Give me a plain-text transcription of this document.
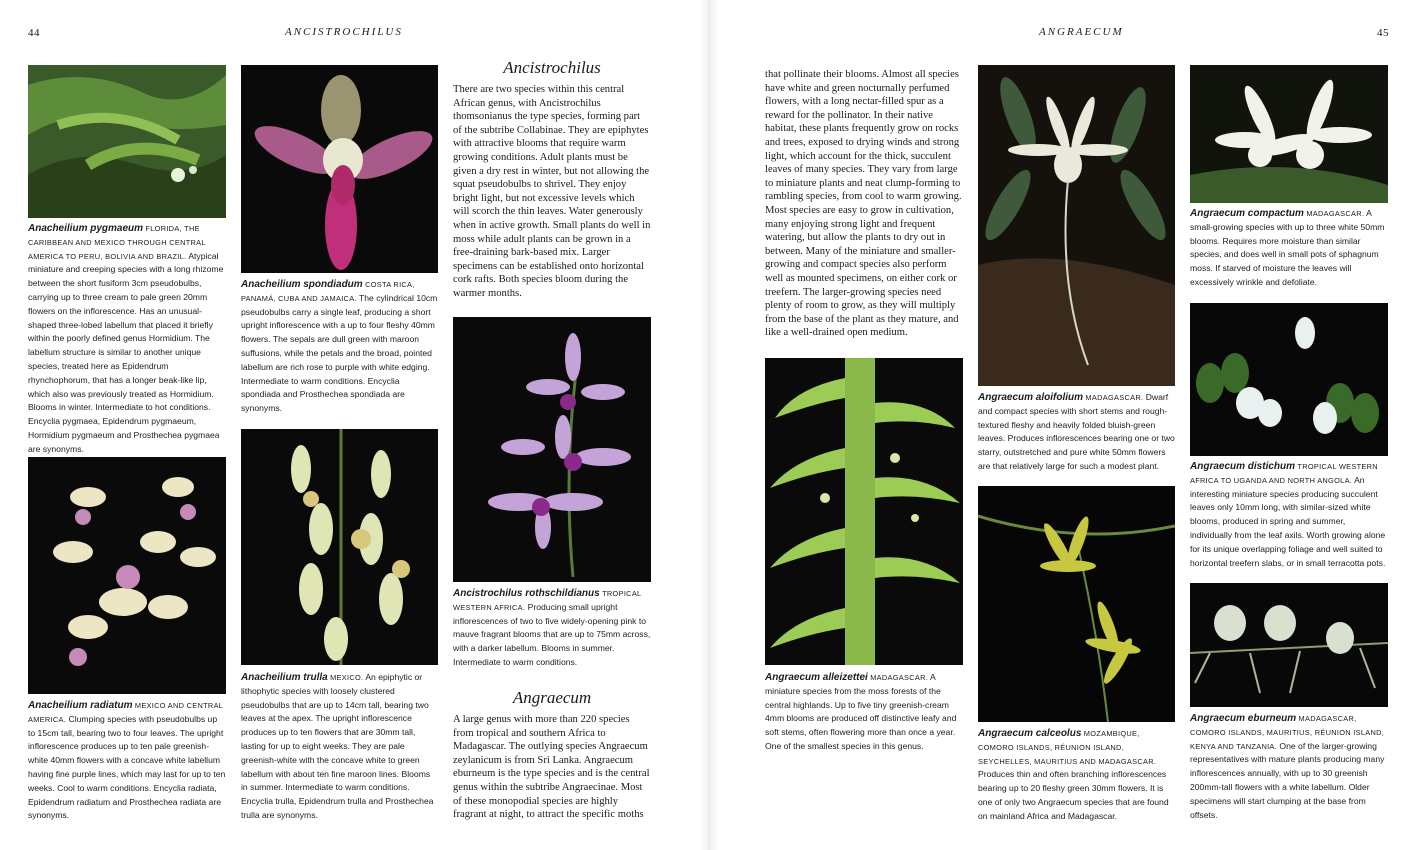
44	ANCISTROCHILUS	ANGRAECUM	45
Anacheilium pygmaeum FLORIDA, THE CARIBBEAN AND MEXICO THROUGH CENTRAL AMERICA TO PERU, BOLIVIA AND BRAZIL. Atypical miniature and creeping species with a long rhizome between the short fusiform 3cm pseudobulbs, carrying up to three cream to pale green 20mm flowers on the inflorescence. Has an unusual-shaped three-lobed labellum that placed it briefly within the poorly defined genus Hormidium. The labellum structure is similar to another unique species, treated here as Epidendrum rhynchophorum, that has a longer beak-like lip, which also was previously treated as Hormidium. Blooms in winter. Intermediate to hot conditions. Encyclia pygmaea, Epidendrum pygmaeum, Hormidium pygmaeum and Prosthechea pygmaea are synonyms.
Anacheilium spondiadum COSTA RICA, PANAMÁ, CUBA AND JAMAICA. The cylindrical 10cm pseudobulbs carry a single leaf, producing a short upright inflorescence with a up to four fleshy 40mm flowers. The sepals are dull green with maroon suffusions, while the petals and the broad, pointed labellum are rich rose to purple with white edging. Intermediate to warm conditions. Encyclia spondiada and Prosthechea spondiada are synonyms.
Anacheilium radiatum MEXICO AND CENTRAL AMERICA. Clumping species with pseudobulbs up to 15cm tall, bearing two to four leaves. The upright inflorescence produces up to ten pale greenish-white 40mm flowers with a concave white labellum having fine purple lines, which may last for up to ten weeks. Cool to warm conditions. Encyclia radiata, Epidendrum radiatum and Prosthechea radiata are synonyms.
Anacheilium trulla MEXICO. An epiphytic or lithophytic species with loosely clustered pseudobulbs that are up to 14cm tall, bearing two leaves at the apex. The upright inflorescence produces up to ten flowers that are 30mm tall, lasting for up to eight weeks. They are pale greenish-white with the concave white to green labellum with about ten fine maroon lines. Blooms in summer. Intermediate to warm conditions. Encyclia trulla, Epidendrum trulla and Prosthechea trulla are synonyms.
Ancistrochilus
There are two species within this central African genus, with Ancistrochilus thomsonianus the type species, forming part of the subtribe Collabinae. They are epiphytes with attractive blooms that require warm growing conditions. Adult plants must be given a dry rest in winter, but not allowing the squat pseudobulbs to shrivel. They enjoy bright light, but not excessive levels which will scorch the thin leaves. Water generously when in active growth. Small plants do well in moss while adult plants can be grown in a free-draining bark-based mix. Larger specimens can be established onto horizontal cork rafts. Both species bloom during the warmer months.
Ancistrochilus rothschildianus TROPICAL WESTERN AFRICA. Producing small upright inflorescences of two to five widely-opening pink to mauve fragrant blooms that are up to 75mm across, with a darker labellum. Blooms in summer. Intermediate to warm conditions.
Angraecum
A large genus with more than 220 species from tropical and southern Africa to Madagascar. The outlying species Angraecum zeylanicum is from Sri Lanka. Angraecum eburneum is the type species and is the central genus within the subtribe Angraecinae. Most of these monopodial species are highly fragrant at night, to attract the specific moths
that pollinate their blooms. Almost all species have white and green nocturnally perfumed flowers, with a long nectar-filled spur as a reward for the pollinator. In their native habitat, these plants frequently grow on rocks and trees, exposed to drying winds and strong light, which account for the thick, succulent leaves of many species. They vary from large to miniature plants and neat clump-forming to rambling species, from cool to warm growing. Most species are easy to grow in cultivation, many enjoying strong light and frequent watering, but allow the plants to dry out in between. Many of the miniature and smaller-growing and compact species also perform well as mounted specimens, on either cork or treefern. The larger-growing species need plenty of room to grow, as they will multiply from the base of the plant as they mature, and like a well-drained open medium.
Angraecum alleizettei MADAGASCAR. A miniature species from the moss forests of the central highlands. Up to five tiny greenish-cream 4mm blooms are produced off distinctive leafy and soft stems, often flowering more than once a year. One of the smallest species in this genus.
Angraecum aloifolium MADAGASCAR. Dwarf and compact species with short stems and rough-textured fleshy and heavily folded bluish-green leaves. Produces inflorescences bearing one or two starry, outstretched and pure white 50mm flowers are that relatively large for such a modest plant.
Angraecum calceolus MOZAMBIQUE, COMORO ISLANDS, RÉUNION ISLAND, SEYCHELLES, MAURITIUS AND MADAGASCAR. Produces thin and often branching inflorescences bearing up to 20 fleshy green 30mm flowers. It is one of only two Angraecum species that are found on mainland Africa and Madagascar.
Angraecum compactum MADAGASCAR. A small-growing species with up to three white 50mm blooms. Requires more moisture than similar species, and does well in small pots of sphagnum moss. If starved of moisture the leaves will excessively wrinkle and defoliate.
Angraecum distichum TROPICAL WESTERN AFRICA TO UGANDA AND NORTH ANGOLA. An interesting miniature species producing succulent leaves only 10mm long, with similar-sized white blooms, produced in spring and summer, individually from the leaf axils. Worth growing alone for its unique overlapping foliage and well suited to horizontal treefern slabs, or in small terracotta pots.
Angraecum eburneum MADAGASCAR, COMORO ISLANDS, MAURITIUS, RÉUNION ISLAND, KENYA AND TANZANIA. One of the larger-growing representatives with mature plants producing many inflorescences annually, with up to 30 greenish 200mm-tall flowers with a white labellum. Older specimens will start clumping at the base from offsets.
